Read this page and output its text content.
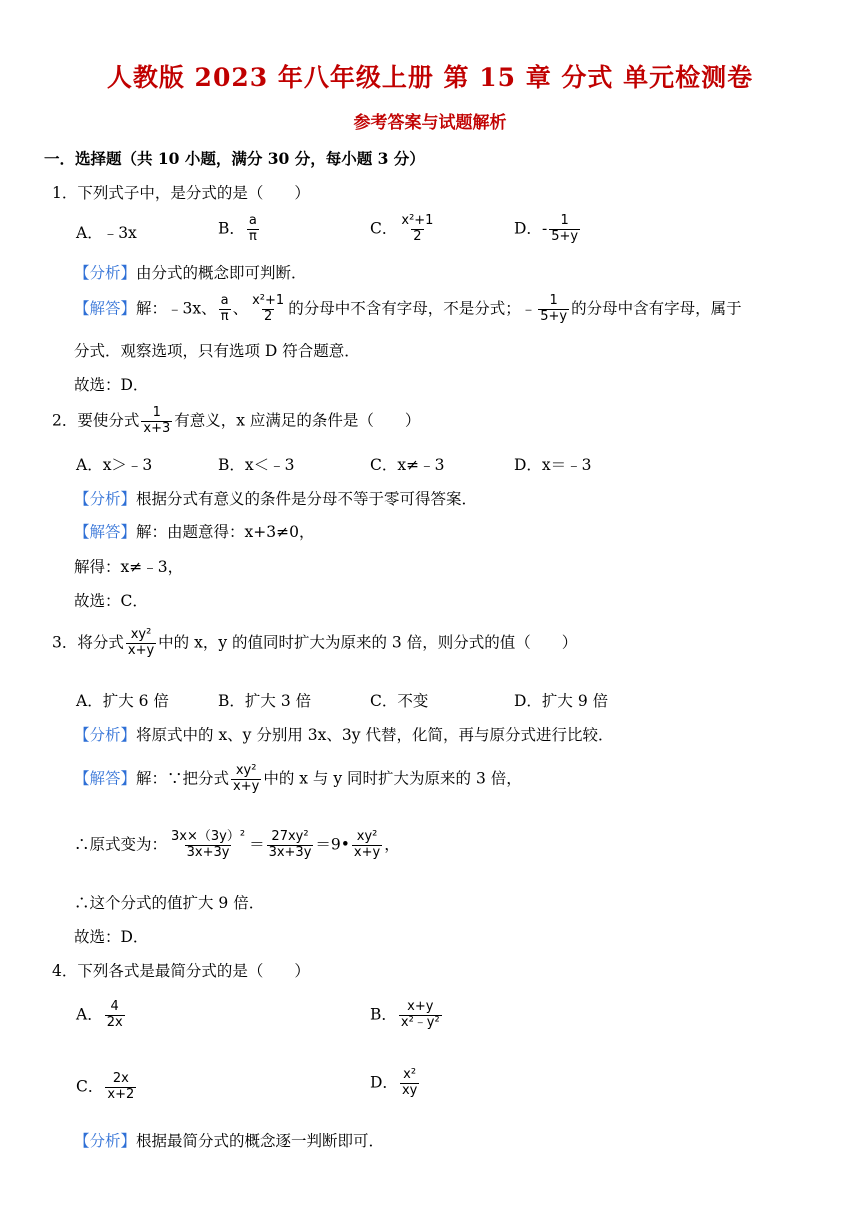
人教版 2023 年八年级上册 第 15 章 分式 单元检测卷
参考答案与试题解析
一．选择题（共 10 小题，满分 30 分，每小题 3 分）
1．下列式子中，是分式的是（　　）
A．﹣3x	B． $\frac{a}{\pi}$	C． $\frac{\text{x²+1}}{2}$	D．- $\frac{1}{5+y}$
【分析】由分式的概念即可判断．
【解答】解：﹣3x、 $\frac{a}{\pi}$ 、 $\frac{\text{x²+1}}{2}$ 的分母中不含有字母，不是分式；﹣ $\frac{1}{5+y}$ 的分母中含有字母，属于
分式．观察选项，只有选项 D 符合题意．
故选：D．
2．要使分式 $\frac{1}{x+3}$ 有意义，x 应满足的条件是（　　）
A．x＞﹣3	B．x＜﹣3	C．x≠﹣3	D．x＝﹣3
【分析】根据分式有意义的条件是分母不等于零可得答案．
【解答】解：由题意得：x+3≠0，
解得：x≠﹣3，
故选：C．
3．将分式 $\frac{\text{xy²}}{x+y}$ 中的 x，y 的值同时扩大为原来的 3 倍，则分式的值（　　）
A．扩大 6 倍	B．扩大 3 倍	C．不变	D．扩大 9 倍
【分析】将原式中的 x、y 分别用 3x、3y 代替，化简，再与原分式进行比较．
【解答】解：∵把分式 $\frac{\text{xy²}}{x+y}$ 中的 x 与 y 同时扩大为原来的 3 倍，
∴原式变为： $\frac{\text{3x×（3y）²}}{3x+3y} = \frac{\text{27xy²}}{3x+3y}$ ＝9• $\frac{\text{xy²}}{x+y}$ ，
∴这个分式的值扩大 9 倍．
故选：D．
4．下列各式是最简分式的是（　　）
A． $\frac{4}{2x}$	B． $\frac{x+y}{\text{x²﹣y²}}$
C． $\frac{2x}{x+2}$	D． $\frac{\text{x²}}{xy}$
【分析】根据最简分式的概念逐一判断即可．
